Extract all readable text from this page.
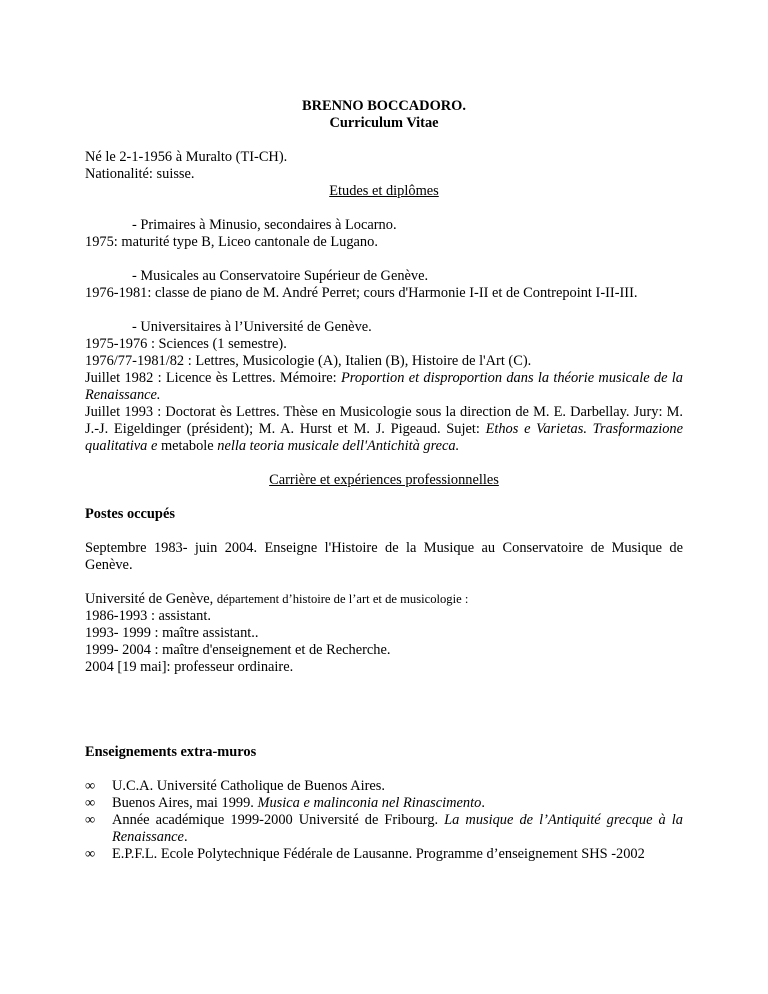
BRENNO BOCCADORO.

Curriculum Vitae

Né le 2-1-1956 à Muralto (TI-CH).

Nationalité: suisse.

Etudes et diplômes

- Primaires à Minusio, secondaires à Locarno.

1975: maturité type B, Liceo cantonale de Lugano.

- Musicales au Conservatoire Supérieur de Genève.

1976-1981: classe de piano de M. André Perret; cours d'Harmonie I-II et de Contrepoint I-II-III.

- Universitaires à l’Université de Genève.

1975-1976 : Sciences (1 semestre).

1976/77-1981/82 : Lettres, Musicologie (A), Italien (B), Histoire de l'Art (C).

Juillet 1982 : Licence ès Lettres. Mémoire: Proportion et disproportion dans la théorie musicale de la Renaissance.

Juillet 1993 : Doctorat ès Lettres. Thèse en Musicologie sous la direction de M. E. Darbellay. Jury: M. J.-J. Eigeldinger (président); M. A. Hurst et M. J. Pigeaud. Sujet: Ethos e Varietas. Trasformazione qualitativa e metabole nella teoria musicale dell'Antichità greca.

Carrière et expériences professionnelles

Postes occupés

Septembre 1983- juin 2004. Enseigne l'Histoire de la Musique au Conservatoire de Musique de Genève.

Université de Genève, département d’histoire de l’art et de musicologie :

1986-1993 : assistant.

1993- 1999 : maître assistant..

1999- 2004 : maître d'enseignement et de Recherche.

2004 [19 mai]: professeur ordinaire.

Enseignements extra-muros

∞ U.C.A. Université Catholique de Buenos Aires.
∞ Buenos Aires, mai 1999. Musica e malinconia nel Rinascimento.
∞ Année académique 1999-2000 Université de Fribourg. La musique de l’Antiquité grecque à la Renaissance.
∞ E.P.F.L. Ecole Polytechnique Fédérale de Lausanne. Programme d’enseignement SHS -2002
